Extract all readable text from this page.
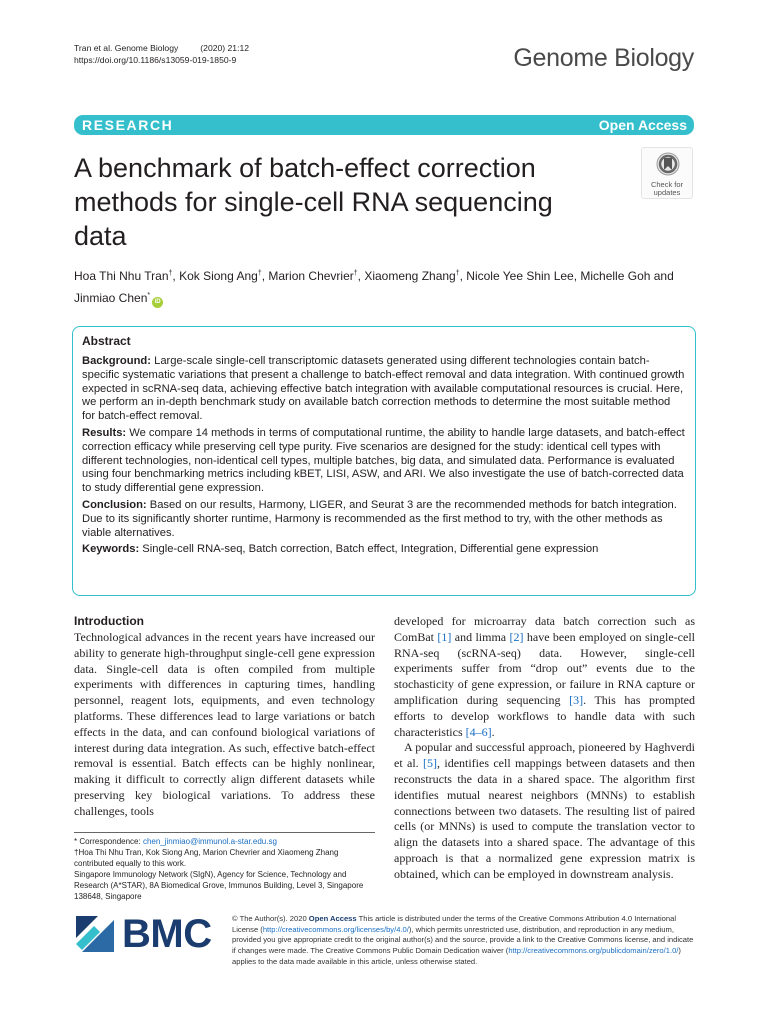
Tran et al. Genome Biology	(2020) 21:12
https://doi.org/10.1186/s13059-019-1850-9	Genome Biology
RESEARCH	Open Access
A benchmark of batch-effect correction methods for single-cell RNA sequencing data
Check for
updates
Hoa Thi Nhu Tran†, Kok Siong Ang†, Marion Chevrier†, Xiaomeng Zhang†, Nicole Yee Shin Lee, Michelle Goh and Jinmiao Chen*iD
Abstract

Background: Large-scale single-cell transcriptomic datasets generated using different technologies contain batch-specific systematic variations that present a challenge to batch-effect removal and data integration. With continued growth expected in scRNA-seq data, achieving effective batch integration with available computational resources is crucial. Here, we perform an in-depth benchmark study on available batch correction methods to determine the most suitable method for batch-effect removal.

Results: We compare 14 methods in terms of computational runtime, the ability to handle large datasets, and batch-effect correction efficacy while preserving cell type purity. Five scenarios are designed for the study: identical cell types with different technologies, non-identical cell types, multiple batches, big data, and simulated data. Performance is evaluated using four benchmarking metrics including kBET, LISI, ASW, and ARI. We also investigate the use of batch-corrected data to study differential gene expression.

Conclusion: Based on our results, Harmony, LIGER, and Seurat 3 are the recommended methods for batch integration. Due to its significantly shorter runtime, Harmony is recommended as the first method to try, with the other methods as viable alternatives.

Keywords: Single-cell RNA-seq, Batch correction, Batch effect, Integration, Differential gene expression

Introduction

Technological advances in the recent years have increased our ability to generate high-throughput single-cell gene expression data. Single-cell data is often compiled from multiple experiments with differences in capturing times, handling personnel, reagent lots, equipments, and even technology platforms. These differences lead to large variations or batch effects in the data, and can confound biological variations of interest during data integration. As such, effective batch-effect removal is essential. Batch effects can be highly nonlinear, making it difficult to correctly align different datasets while preserving key biological variations. To address these challenges, tools

developed for microarray data batch correction such as ComBat [1] and limma [2] have been employed on single-cell RNA-seq (scRNA-seq) data. However, single-cell experiments suffer from “drop out” events due to the stochasticity of gene expression, or failure in RNA capture or amplification during sequencing [3]. This has prompted efforts to develop workflows to handle data with such characteristics [4–6].

A popular and successful approach, pioneered by Haghverdi et al. [5], identifies cell mappings between datasets and then reconstructs the data in a shared space. The algorithm first identifies mutual nearest neighbors (MNNs) to establish connections between two datasets. The resulting list of paired cells (or MNNs) is used to compute the translation vector to align the datasets into a shared space. The advantage of this approach is that a normalized gene expression matrix is obtained, which can be employed in downstream analysis.

* Correspondence: chen_jinmiao@immunol.a-star.edu.sg
†Hoa Thi Nhu Tran, Kok Siong Ang, Marion Chevrier and Xiaomeng Zhang contributed equally to this work.
Singapore Immunology Network (SIgN), Agency for Science, Technology and Research (A*STAR), 8A Biomedical Grove, Immunos Building, Level 3, Singapore 138648, Singapore
BMC	© The Author(s). 2020 Open Access This article is distributed under the terms of the Creative Commons Attribution 4.0 International License (http://creativecommons.org/licenses/by/4.0/), which permits unrestricted use, distribution, and reproduction in any medium, provided you give appropriate credit to the original author(s) and the source, provide a link to the Creative Commons license, and indicate if changes were made. The Creative Commons Public Domain Dedication waiver (http://creativecommons.org/publicdomain/zero/1.0/) applies to the data made available in this article, unless otherwise stated.
